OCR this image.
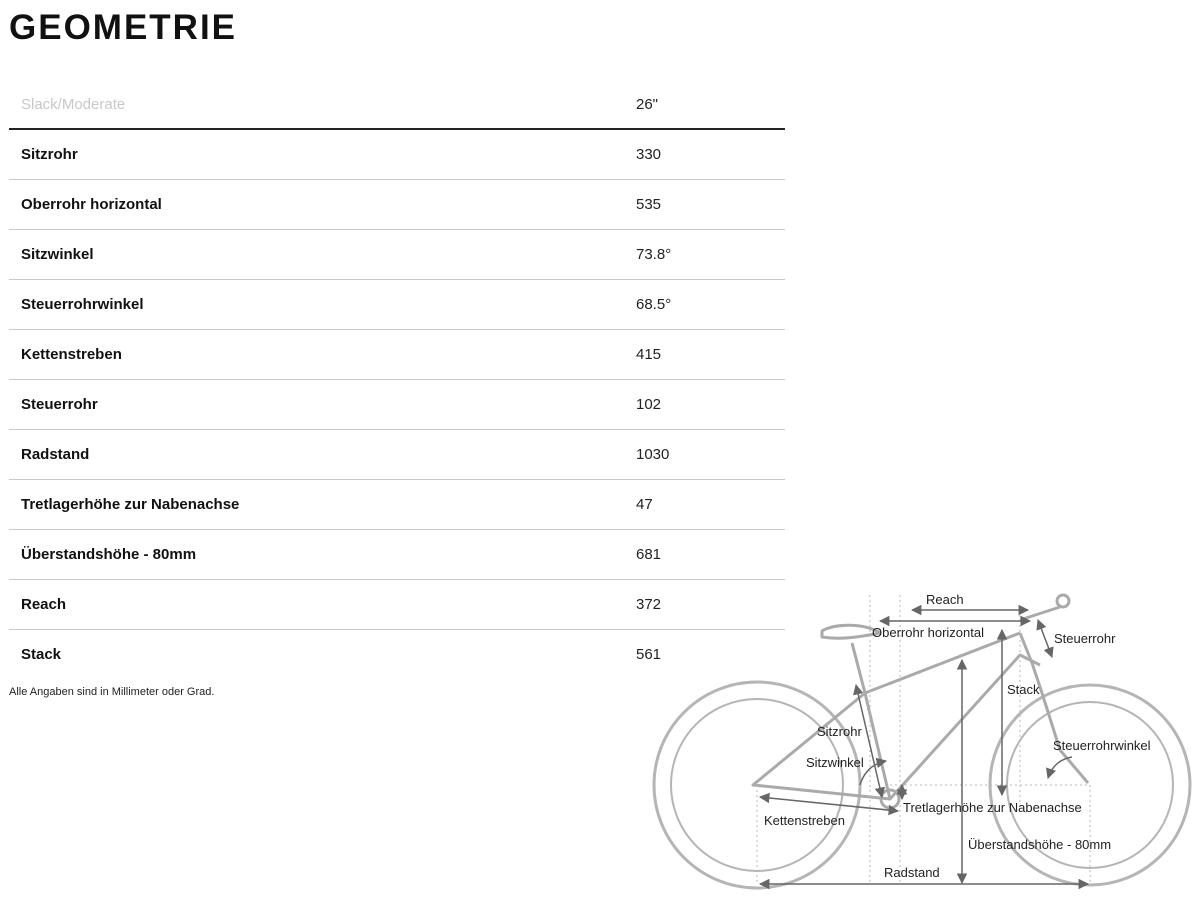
GEOMETRIE
Slack/Moderate	26"
Sitzrohr	330
Oberrohr horizontal	535
Sitzwinkel	73.8°
Steuerrohrwinkel	68.5°
Kettenstreben	415
Steuerrohr	102
Radstand	1030
Tretlagerhöhe zur Nabenachse	47
Überstandshöhe - 80mm	681
Reach	372
Stack	561
Alle Angaben sind in Millimeter oder Grad.
Reach
Oberrohr horizontal	Steuerrohr
Stack
Sitzrohr
Sitzwinkel
Steuerrohrwinkel
Tretlagerhöhe zur Nabenachse
Kettenstreben
Überstandshöhe - 80mm
Radstand
